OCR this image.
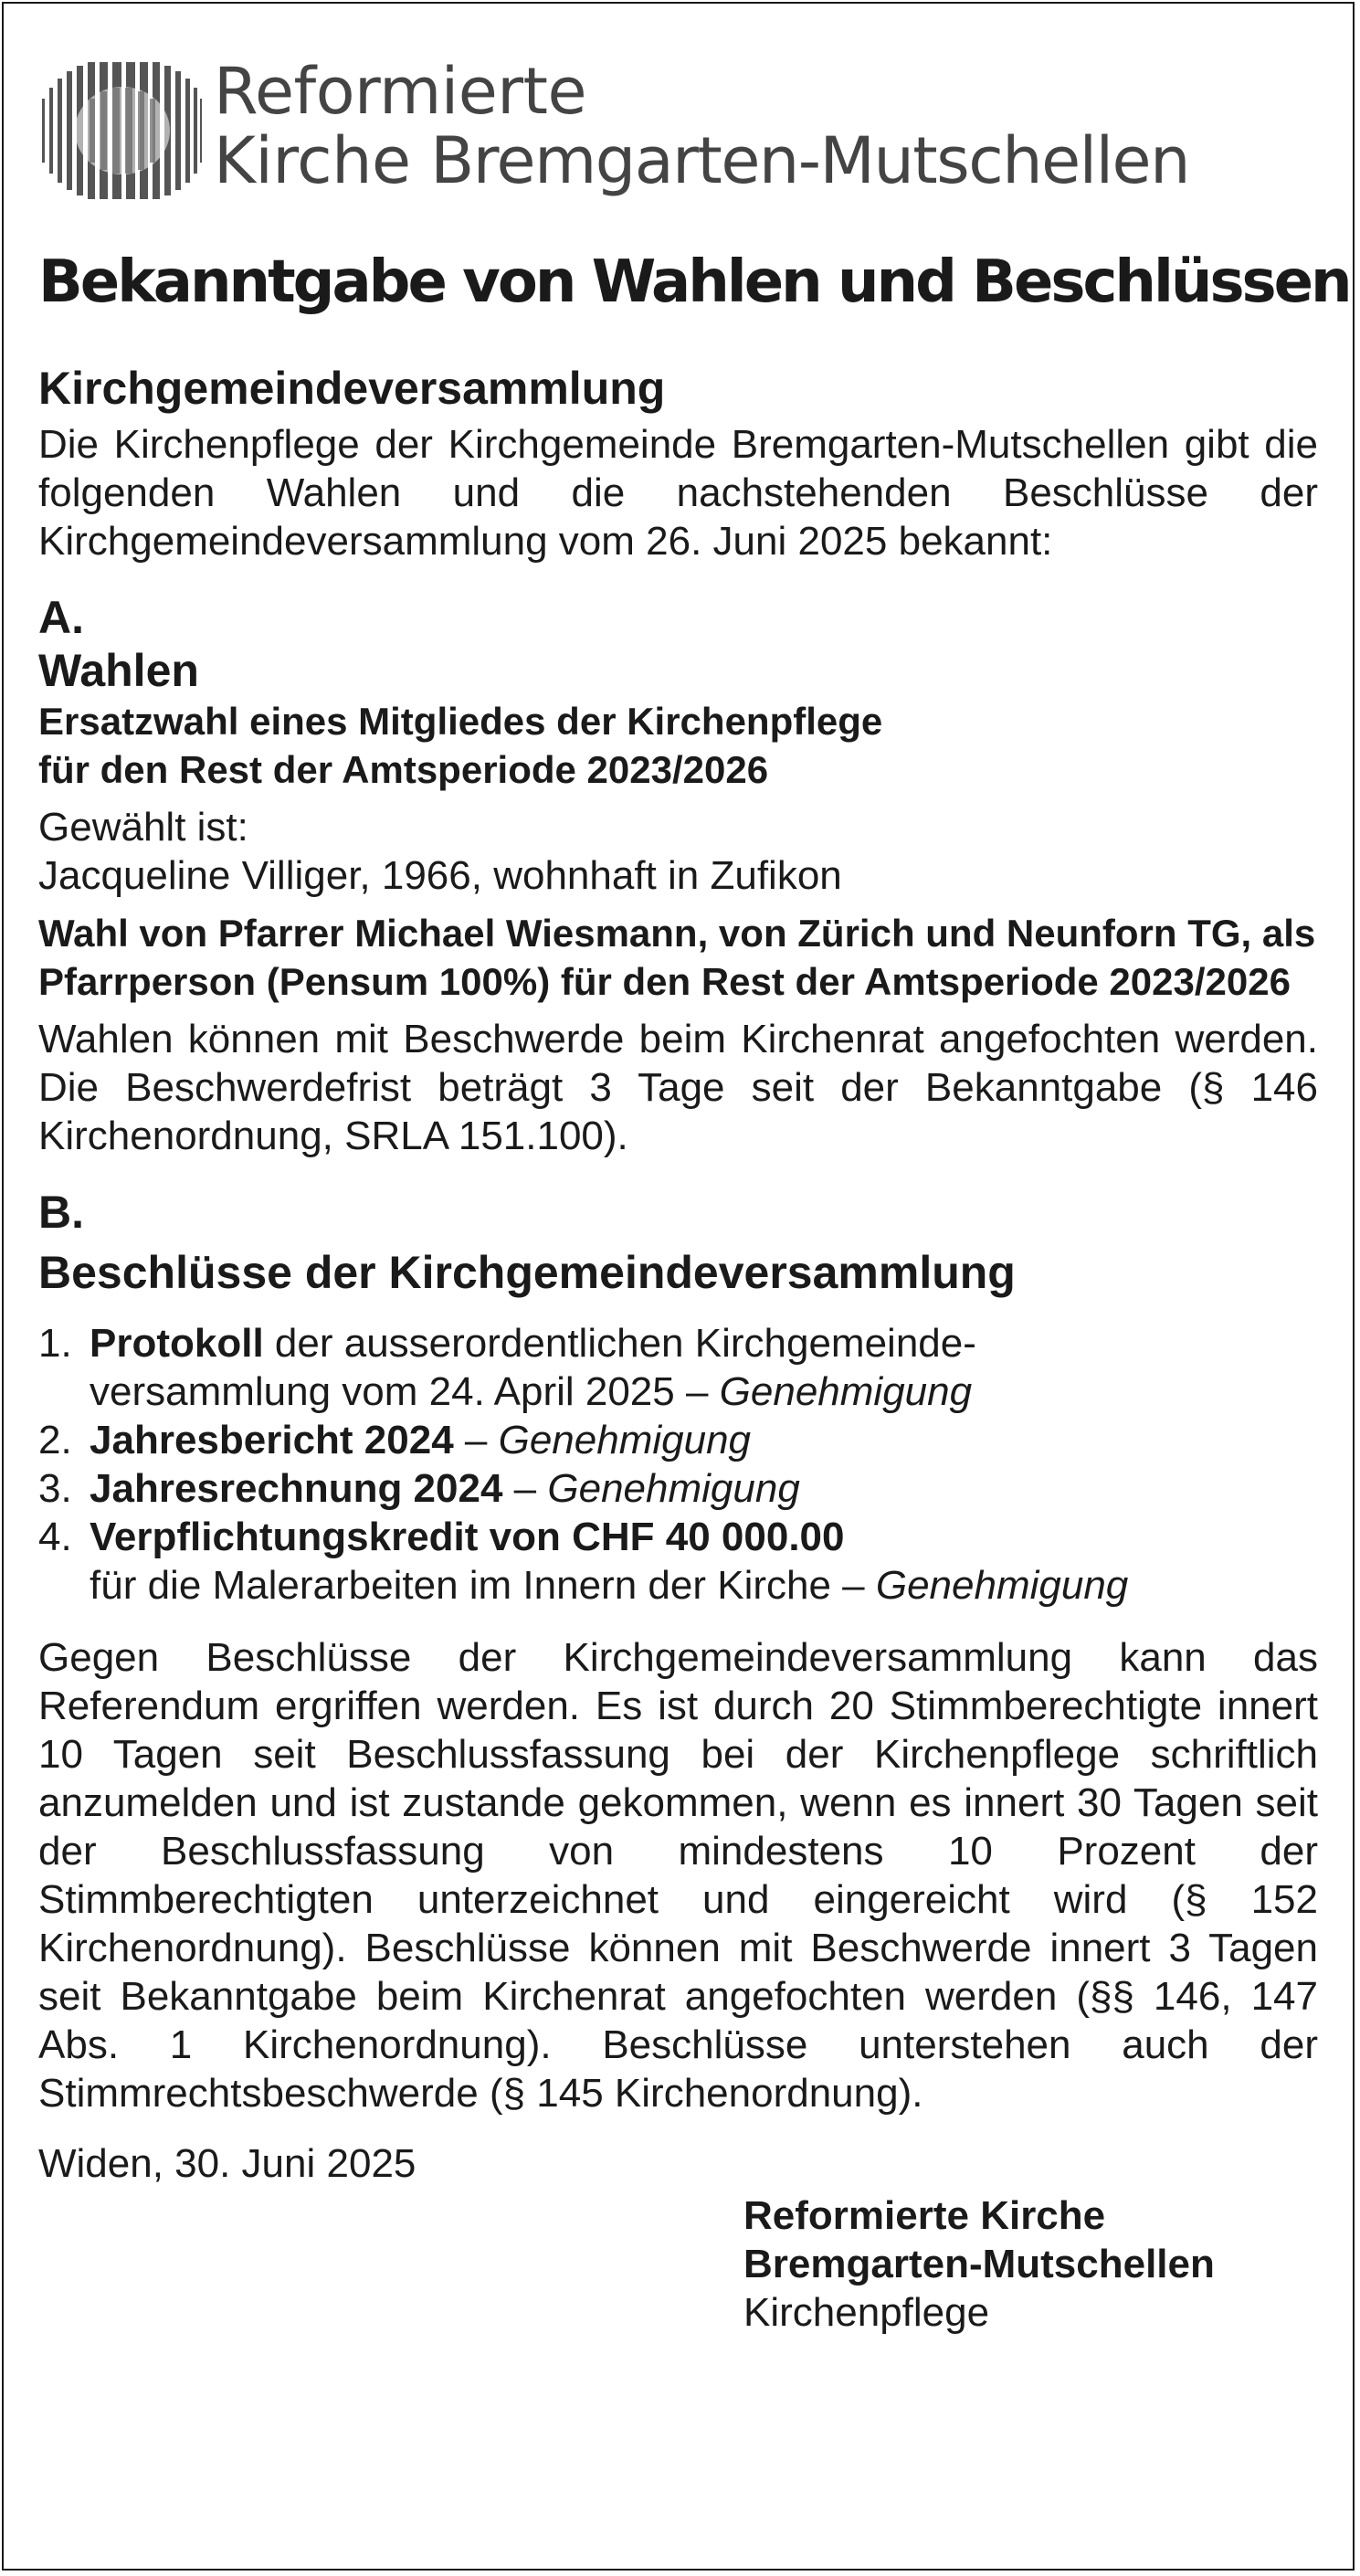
Reformierte
Kirche Bremgarten-Mutschellen
Bekanntgabe von Wahlen und Beschlüssen

Kirchgemeindeversammlung

Die Kirchenpflege der Kirchgemeinde Bremgarten-Mutschellen gibt die folgenden Wahlen und die nachstehenden Beschlüsse der Kirchgemeindeversammlung vom 26. Juni 2025 bekannt:

A.

Wahlen

Ersatzwahl eines Mitgliedes der Kirchenpflege
für den Rest der Amtsperiode 2023/2026

Gewählt ist:

Jacqueline Villiger, 1966, wohnhaft in Zufikon

Wahl von Pfarrer Michael Wiesmann, von Zürich und Neunforn TG, als Pfarrperson (Pensum 100%) für den Rest der Amtsperiode 2023/2026

Wahlen können mit Beschwerde beim Kirchenrat angefochten werden. Die Beschwerdefrist beträgt 3 Tage seit der Bekanntgabe (§ 146 Kirchenordnung, SRLA 151.100).

B.

Beschlüsse der Kirchgemeindeversammlung

1. Protokoll der ausserordentlichen Kirchgemeinde-
versammlung vom 24. April 2025 – Genehmigung
2. Jahresbericht 2024 – Genehmigung
3. Jahresrechnung 2024 – Genehmigung
4. Verpflichtungskredit von CHF 40 000.00
für die Malerarbeiten im Innern der Kirche – Genehmigung

Gegen Beschlüsse der Kirchgemeindeversammlung kann das Referendum ergriffen werden. Es ist durch 20 Stimmberechtigte innert 10 Tagen seit Beschlussfassung bei der Kirchenpflege schriftlich anzumelden und ist zustande gekommen, wenn es innert 30 Tagen seit der Beschlussfassung von mindestens 10 Prozent der Stimmberechtigten unterzeichnet und eingereicht wird (§ 152 Kirchenordnung). Beschlüsse können mit Beschwerde innert 3 Tagen seit Bekanntgabe beim Kirchenrat angefochten werden (§§ 146, 147 Abs. 1 Kirchenordnung). Beschlüsse unterstehen auch der Stimmrechtsbeschwerde (§ 145 Kirchenordnung).

Widen, 30. Juni 2025

Reformierte Kirche

Bremgarten-Mutschellen

Kirchenpflege
